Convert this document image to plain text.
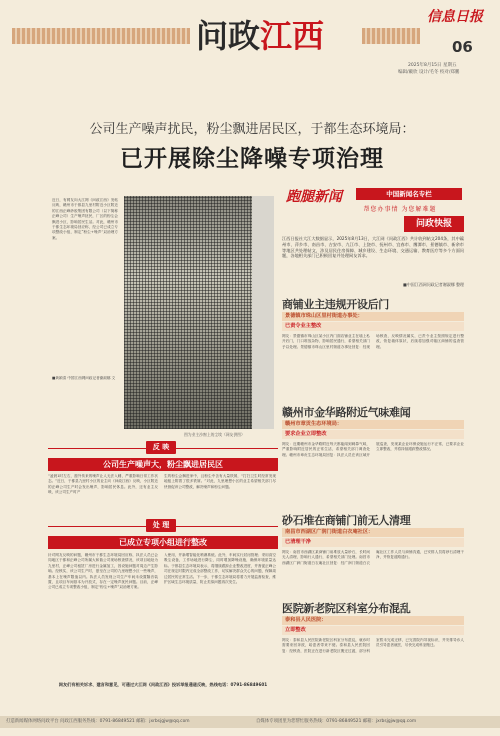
问政江西	信息日报
06
2025年8月15日 星期五
编辑/戴欣 设计/毛冬 校对/郑鹏
公司生产噪声扰民，粉尘飘进居民区，于都生态环境局：
已开展除尘降噪专项治理
近日，有网友向大江网《问政江西》发帖反映，赣州市于都县九里村附近小区附近的江西正峰砂胶集团有限公司（以下简称正峰公司）生产噪声扰民，厂区的粉尘会飘进小区，影响居民生活。对此，赣州市于都生态环境局回应称，经公司已成立专项整改小组，制定“粉尘+噪声”双治理方案。
■黄颖清 中国江西网问政记者谢淑娜 文
图为业主沙窗上的尘埃（网友供图）
反 映
公司生产噪声大，粉尘飘进居民区
“凌晨1时左右，窗外传来的噪声让人无法入睡，严重影响日常工作状态。”近日，于都县九里村小区的业主向《问政江西》反映，小区附近的正峰公司生产时会发出噪声，影响居民休息。此外，还有业主反映，该公司生产时产
生的粉尘会飘进家中，且粉尘中含有大量铁屑，“打扫卫生时经常发现地板上附着了很多铁屑。”对此，九里理想小区的业主希望相关部门尽快督促该公司整改，解决噪声和粉尘问题。
处 理
已成立专项小组进行整改
针对网友反映的问题，赣州市于都生态环境局回应称，执法人员已会同地区于都和正峰公司所属大和谐公司现场核查情况，该项目地址为九里村，正峰公司租赁厂房进行金属加工，因设施问题对周边产生影响。经核实，该公司生产时，夏至在公司的九里理想小区一些噪声，基本上在噪声限值以内。执法人员发现公司生产车间未设置隔音装置，且项目车间基本为开放式，存在一定噪声扰民问题。目前，正峰公司已成立专项整改小组，制定“粉尘+噪声”双治理方案。
入使用，并新增智能化喷淋系统。此外，车间实行封闭管理；采用高空吸尘设备，工作场地进行降尘，同时增加降噪设施，确保环境质量达标。于都县生态环境局表示，将继续跟踪企业整改进度，并督促正峰公司在规定时限内完成全部整改工作，切实解决群众关心的问题，保障周边居民的正常生活。下一步，于都生态环境局将着力开展监督检查，维护区域生态环境质量，防止类似问题再次发生。
网友们有相关诉求、建言和意见，可通过大江网《问政江西》投诉举报通道反映，热线电话：0791-86849601
跑腿新闻	中国新闻名专栏
帮您办事情 为您解难题
问政快报
江西日报社大江大数据显示，2025年8月13日，大江网《问政江西》共计收到帖文204条，其中赣州市、萍乡市、南昌市、吉安市、九江市、上饶市、抚州市、宜春市、鹰潭市、景德镇市、新余市等地区共处理帖文，涉及居民住房保障、城乡建设、生态环境、交通运输、教育医疗等多个方面问题，各地相关部门已积极回复并处理网友诉求。
■中国江西网问政记者谢淑娜 整理
商铺业主违规开设后门
景德镇市珠山区里村街道办事处：
已责令业主整改
网友：景德镇市珠山区某小区内门面店铺业主在墙上私开后门，门口堆放杂物，影响居民通行，希望相关部门予以处理。景德镇市珠山区里村街道办事处回复：经现场核查，反映情况属实，已责令业主按照规定进行整改，恢复墙体原状，后续将加强对辖区商铺的巡查管理。
赣州市金华路附近气味难闻
赣州市章贡生态环境局：
要求企业立即整改
网友：近期赣州市金华路附近每天都能闻到刺鼻气味，严重影响附近居民的正常生活，希望相关部门调查处理。赣州市章贡生态环境局回复：执法人员在该区域开展巡查，发现某企业环保设施运行不正常，已要求企业立即整改，并将持续跟踪整改情况。
砂石堆在商铺门前无人清理
南昌市西湖区广润门街道白衣庵社区：
已清理干净
网友：南昌市西湖区某商铺门前堆放大量砂石，长时间无人清理，影响行人通行，希望相关部门处理。南昌市西湖区广润门街道白衣庵社区回复：经广润门街道白衣庵社区工作人员与商铺沟通，已安排人员将砂石清理干净，并恢复道路通行。
医院新老院区科室分布混乱
泰和县人民医院：
立即整改
网友：泰和县人民医院新老院区科室分布混乱，就诊时需要来回奔波，给患者带来不便。泰和县人民医院回复：经核查，医院正在进行新老院区搬迁过渡，部分科室暂未完成迁移，已完善院内导视标识，并安排导诊人员引导患者就医，尽快完成科室搬迁。
打造新闻媒体网络问政平台 问政江西服务热线：0791-86849521 邮箱：jxrbsjgjw@qq.com	自媒体专项团里为您帮忙服务热线：0791-86849521 邮箱：jxrbsjgjw@qq.com
